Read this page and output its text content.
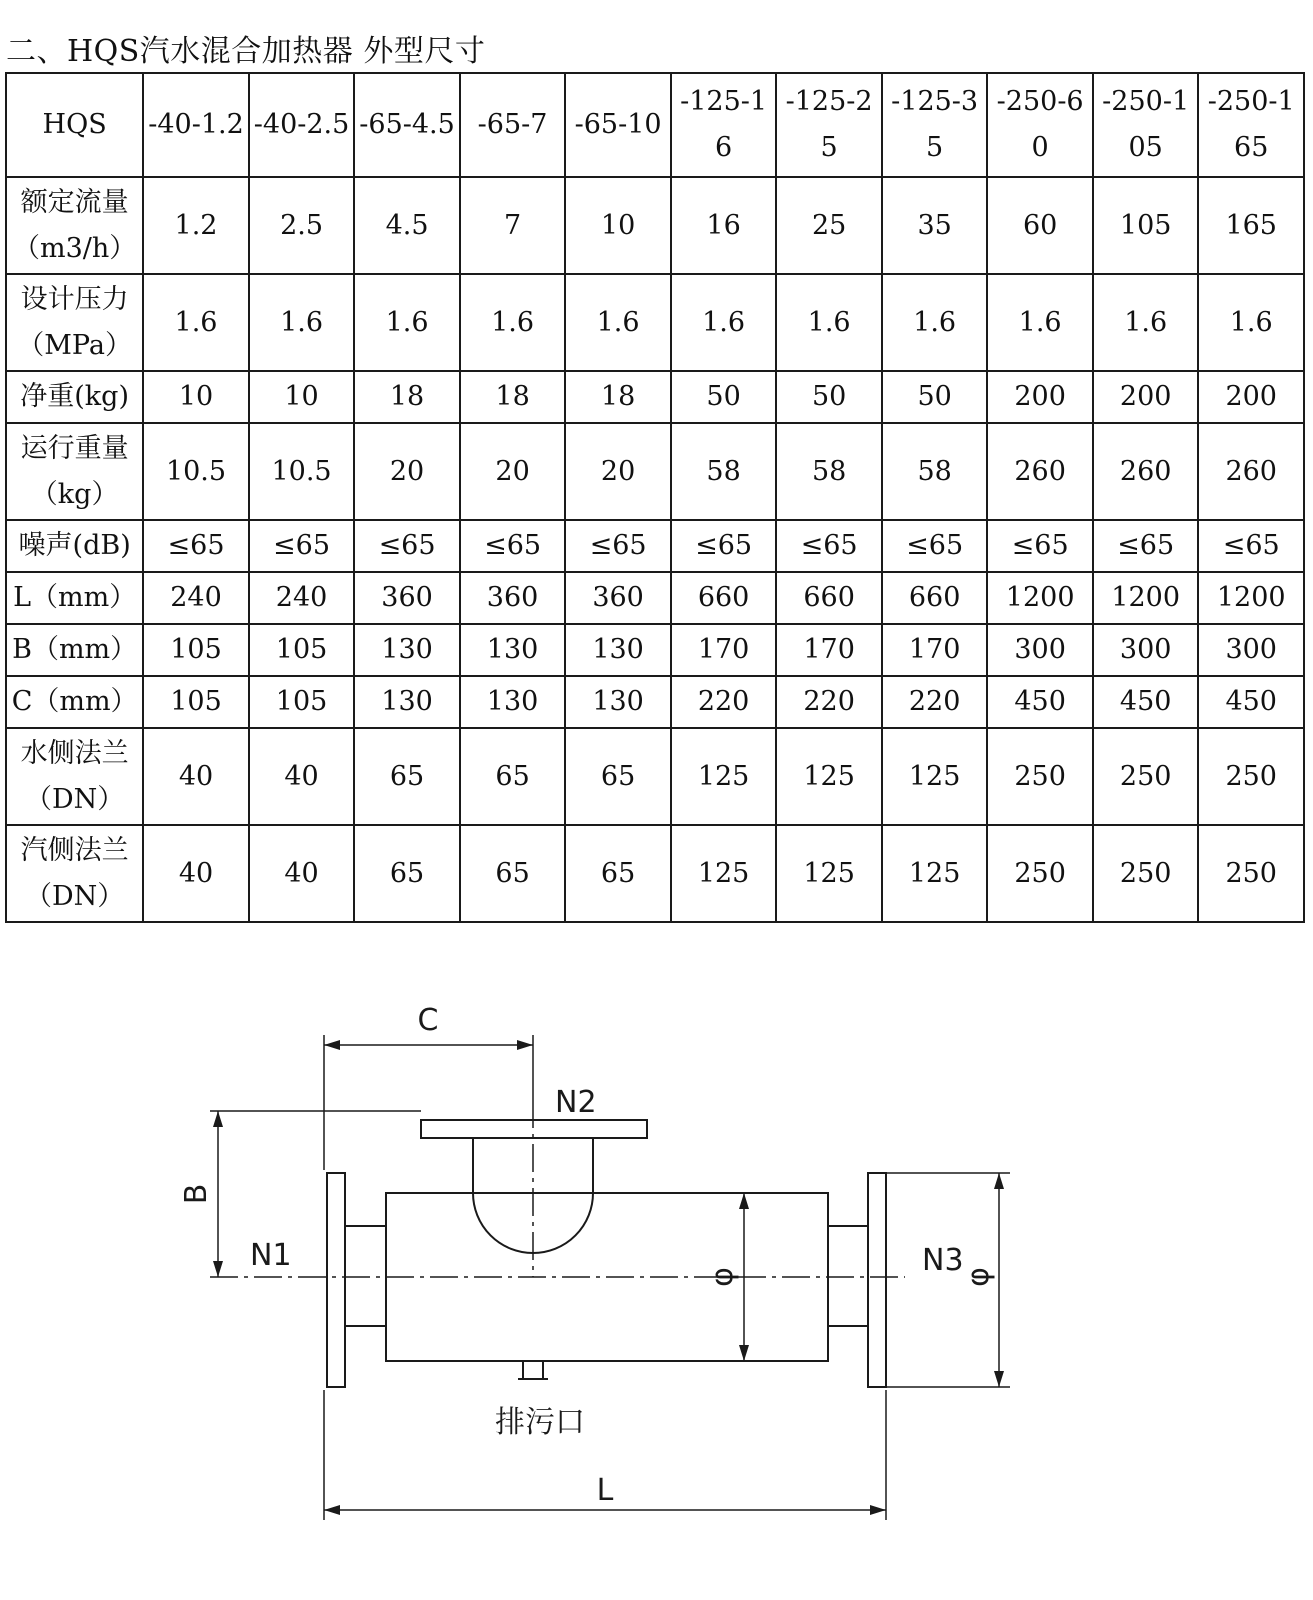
二、HQS汽水混合加热器 外型尺寸
HQS	-40-1.2	-40-2.5	-65-4.5	-65-7	-65-10	-125-16	-125-25	-125-35	-250-60	-250-105	-250-165
额定流量（m3/h）	1.2	2.5	4.5	7	10	16	25	35	60	105	165
设计压力（MPa）	1.6	1.6	1.6	1.6	1.6	1.6	1.6	1.6	1.6	1.6	1.6
净重(kg)	10	10	18	18	18	50	50	50	200	200	200
运行重量（kg）	10.5	10.5	20	20	20	58	58	58	260	260	260
噪声(dB)	≤65	≤65	≤65	≤65	≤65	≤65	≤65	≤65	≤65	≤65	≤65
L（mm）	240	240	360	360	360	660	660	660	1200	1200	1200
B（mm）	105	105	130	130	130	170	170	170	300	300	300
C（mm）	105	105	130	130	130	220	220	220	450	450	450
水侧法兰（DN）	40	40	65	65	65	125	125	125	250	250	250
汽侧法兰（DN）	40	40	65	65	65	125	125	125	250	250	250
C
B
L
N1
N2
N3
φ	φ
排污口
